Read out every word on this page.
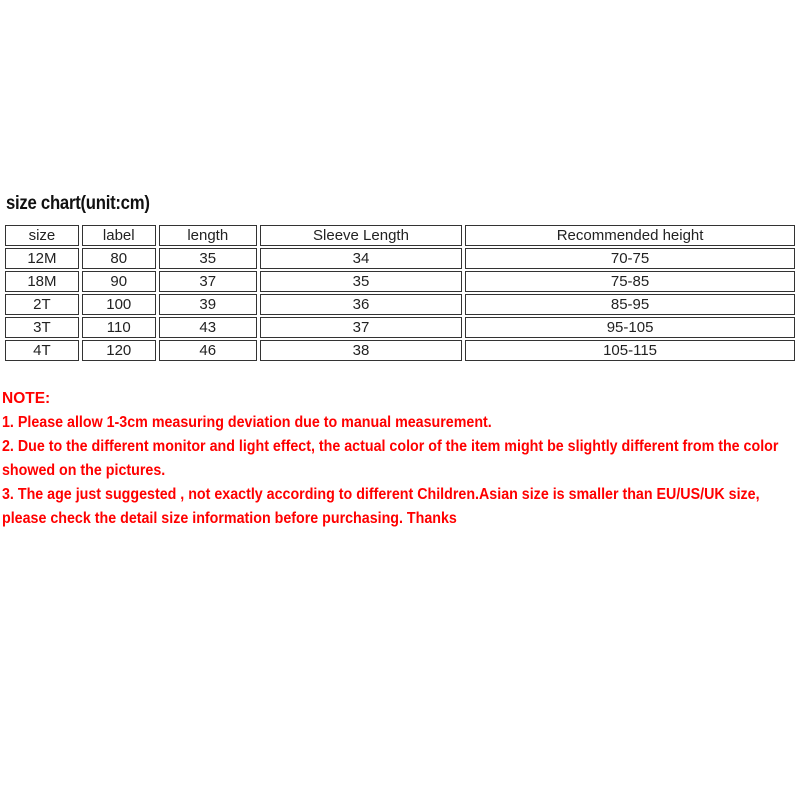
size chart(unit:cm)
size	label	length	Sleeve Length	Recommended height
12M	80	35	34	70-75
18M	90	37	35	75-85
2T	100	39	36	85-95
3T	110	43	37	95-105
4T	120	46	38	105-115

NOTE:

1. Please allow 1-3cm measuring deviation due to manual measurement.

2. Due to the different monitor and light effect, the actual color of the item might be slightly different from the color showed on the pictures.

3. The age just suggested , not exactly according to different Children.Asian size is smaller than EU/US/UK size, please check the detail size information before purchasing. Thanks
